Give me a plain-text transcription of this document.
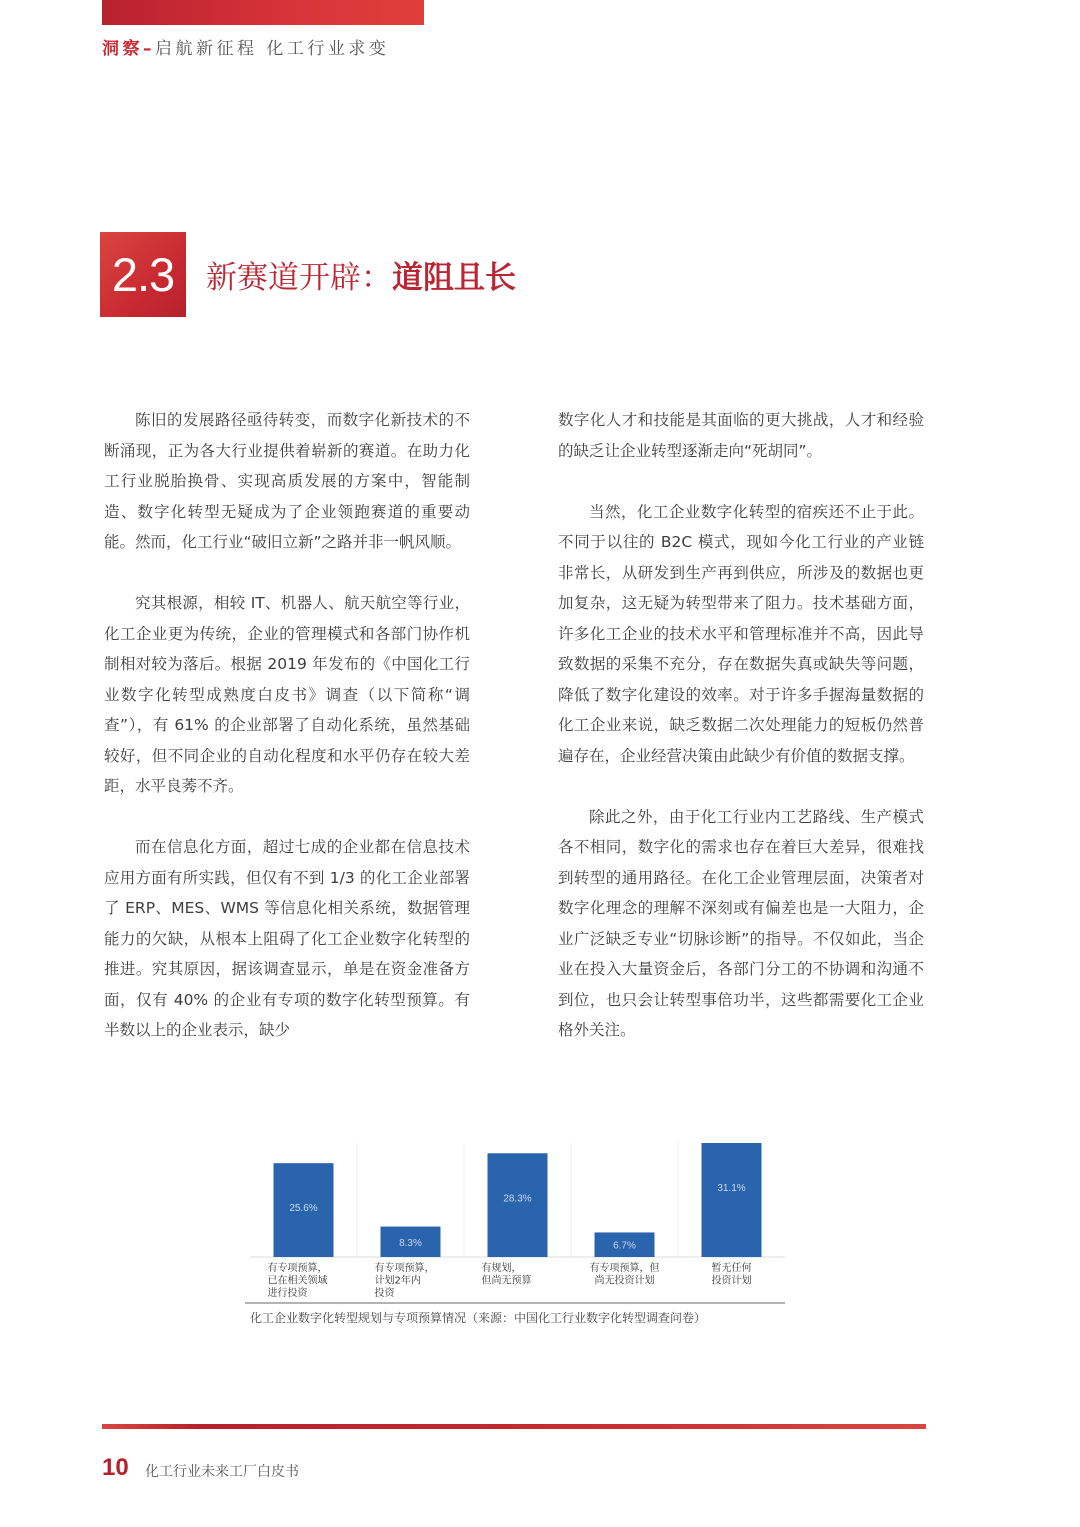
洞察–启航新征程 化工行业求变
2.3 新赛道开辟：道阻且长

陈旧的发展路径亟待转变，而数字化新技术的不断涌现，正为各大行业提供着崭新的赛道。在助力化工行业脱胎换骨、实现高质发展的方案中，智能制造、数字化转型无疑成为了企业领跑赛道的重要动能。然而，化工行业“破旧立新”之路并非一帆风顺。

究其根源，相较 IT、机器人、航天航空等行业，化工企业更为传统，企业的管理模式和各部门协作机制相对较为落后。根据 2019 年发布的《中国化工行业数字化转型成熟度白皮书》调查（以下简称“调查”），有 61% 的企业部署了自动化系统，虽然基础较好，但不同企业的自动化程度和水平仍存在较大差距，水平良莠不齐。

而在信息化方面，超过七成的企业都在信息技术应用方面有所实践，但仅有不到 1/3 的化工企业部署了 ERP、MES、WMS 等信息化相关系统，数据管理能力的欠缺，从根本上阻碍了化工企业数字化转型的推进。究其原因，据该调查显示，单是在资金准备方面，仅有 40% 的企业有专项的数字化转型预算。有半数以上的企业表示，缺少

数字化人才和技能是其面临的更大挑战，人才和经验的缺乏让企业转型逐渐走向“死胡同”。

当然，化工企业数字化转型的宿疾还不止于此。不同于以往的 B2C 模式，现如今化工行业的产业链非常长，从研发到生产再到供应，所涉及的数据也更加复杂，这无疑为转型带来了阻力。技术基础方面，许多化工企业的技术水平和管理标准并不高，因此导致数据的采集不充分，存在数据失真或缺失等问题，降低了数字化建设的效率。对于许多手握海量数据的化工企业来说，缺乏数据二次处理能力的短板仍然普遍存在，企业经营决策由此缺少有价值的数据支撑。

除此之外，由于化工行业内工艺路线、生产模式各不相同，数字化的需求也存在着巨大差异，很难找到转型的通用路径。在化工企业管理层面，决策者对数字化理念的理解不深刻或有偏差也是一大阻力，企业广泛缺乏专业“切脉诊断”的指导。不仅如此，当企业在投入大量资金后，各部门分工的不协调和沟通不到位，也只会让转型事倍功半，这些都需要化工企业格外关注。

25.6%
有专项预算，
已在相关领域
进行投资
8.3%
有专项预算，
计划2年内
投资
28.3%
有规划，
但尚无预算
6.7%
有专项预算，但
尚无投资计划
31.1%
暂无任何
投资计划
化工企业数字化转型规划与专项预算情况（来源：中国化工行业数字化转型调查问卷）
10 化工行业未来工厂白皮书
